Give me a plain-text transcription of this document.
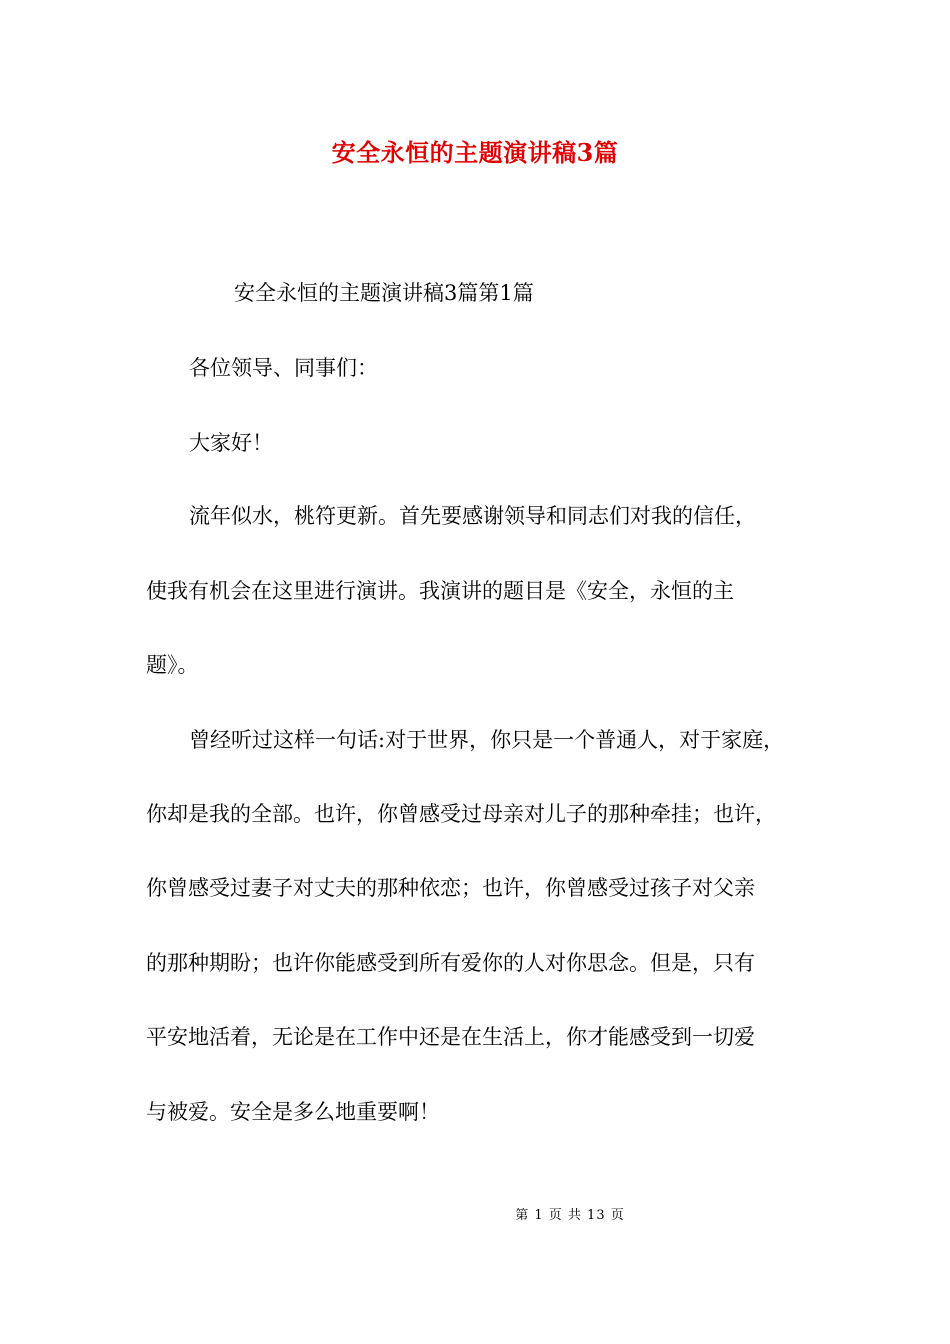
安全永恒的主题演讲稿3篇
安全永恒的主题演讲稿3篇第1篇
各位领导、同事们：
大家好！
流年似水，桃符更新。首先要感谢领导和同志们对我的信任，
使我有机会在这里进行演讲。我演讲的题目是《安全，永恒的主
题》。
曾经听过这样一句话:对于世界，你只是一个普通人，对于家庭，
你却是我的全部。也许，你曾感受过母亲对儿子的那种牵挂；也许，
你曾感受过妻子对丈夫的那种依恋；也许，你曾感受过孩子对父亲
的那种期盼；也许你能感受到所有爱你的人对你思念。但是，只有
平安地活着，无论是在工作中还是在生活上，你才能感受到一切爱
与被爱。安全是多么地重要啊！
第 1 页 共 13 页
